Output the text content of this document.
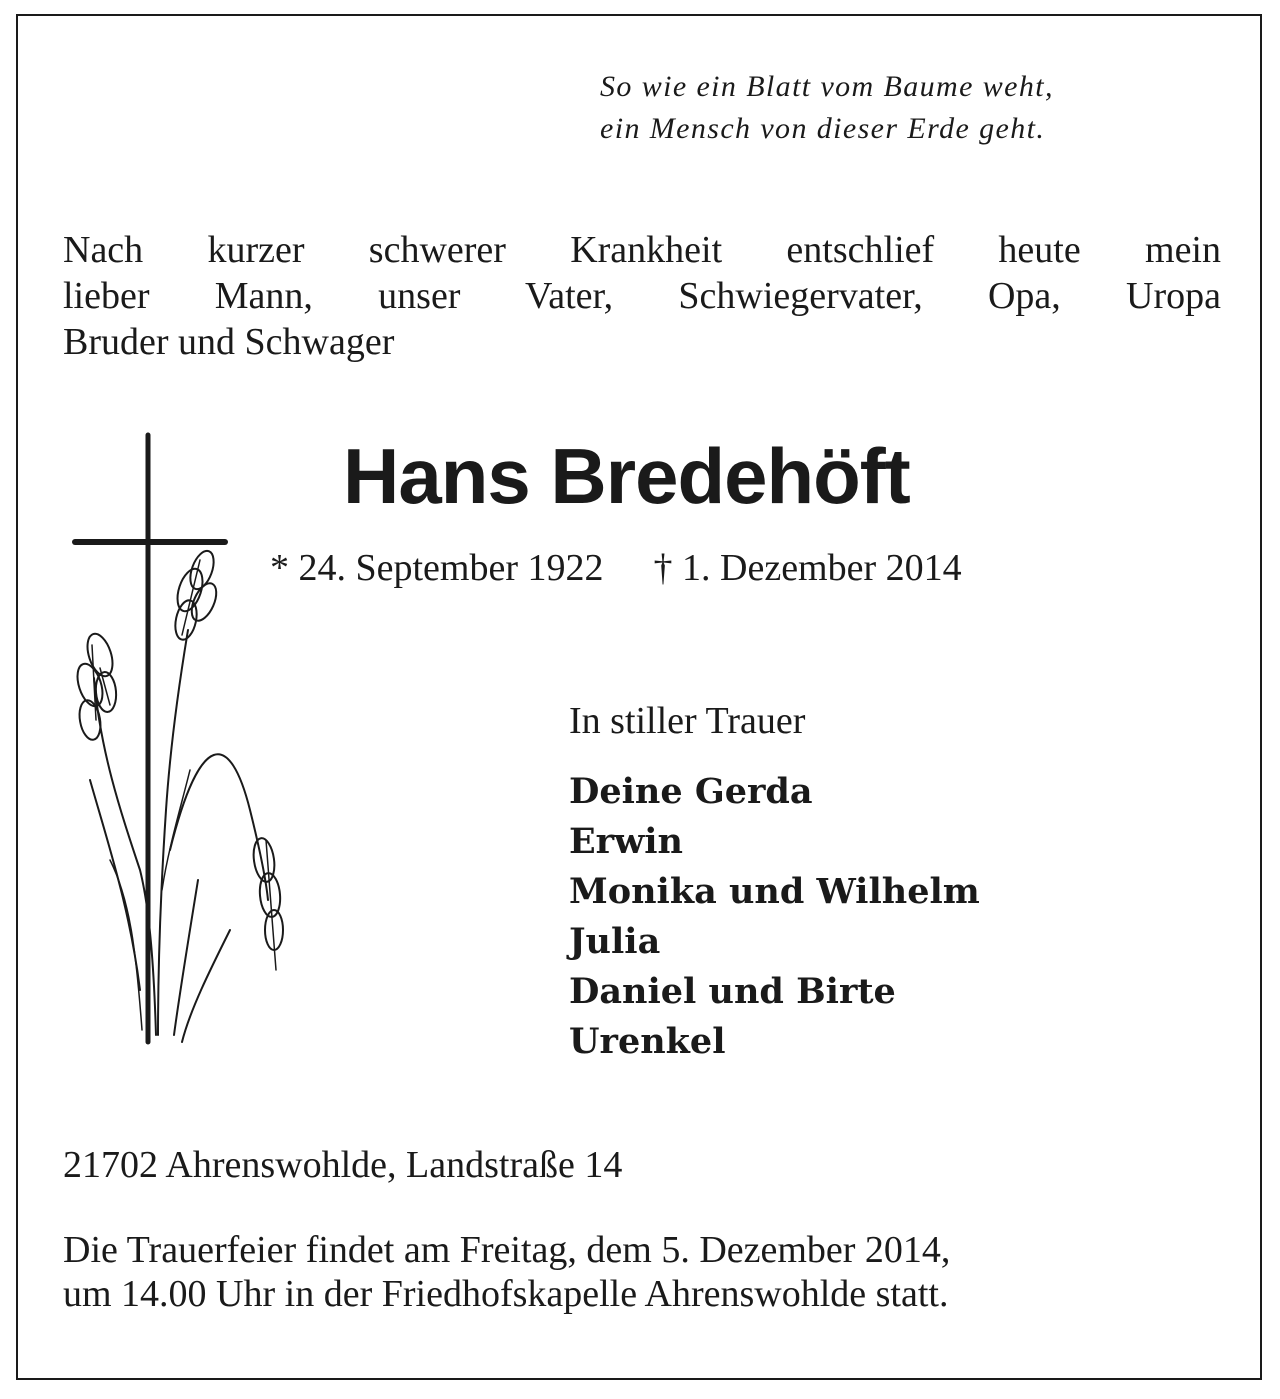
So wie ein Blatt vom Baume weht,
ein Mensch von dieser Erde geht.
Nach kurzer schwerer Krankheit entschlief heute mein
lieber Mann, unser Vater, Schwiegervater, Opa, Uropa
Bruder und Schwager
Hans Bredehöft
* 24. September 1922 † 1. Dezember 2014
In stiller Trauer
Deine Gerda
Erwin
Monika und Wilhelm
Julia
Daniel und Birte
Urenkel
21702 Ahrenswohlde, Landstraße 14
Die Trauerfeier findet am Freitag, dem 5. Dezember 2014,
um 14.00 Uhr in der Friedhofskapelle Ahrenswohlde statt.
